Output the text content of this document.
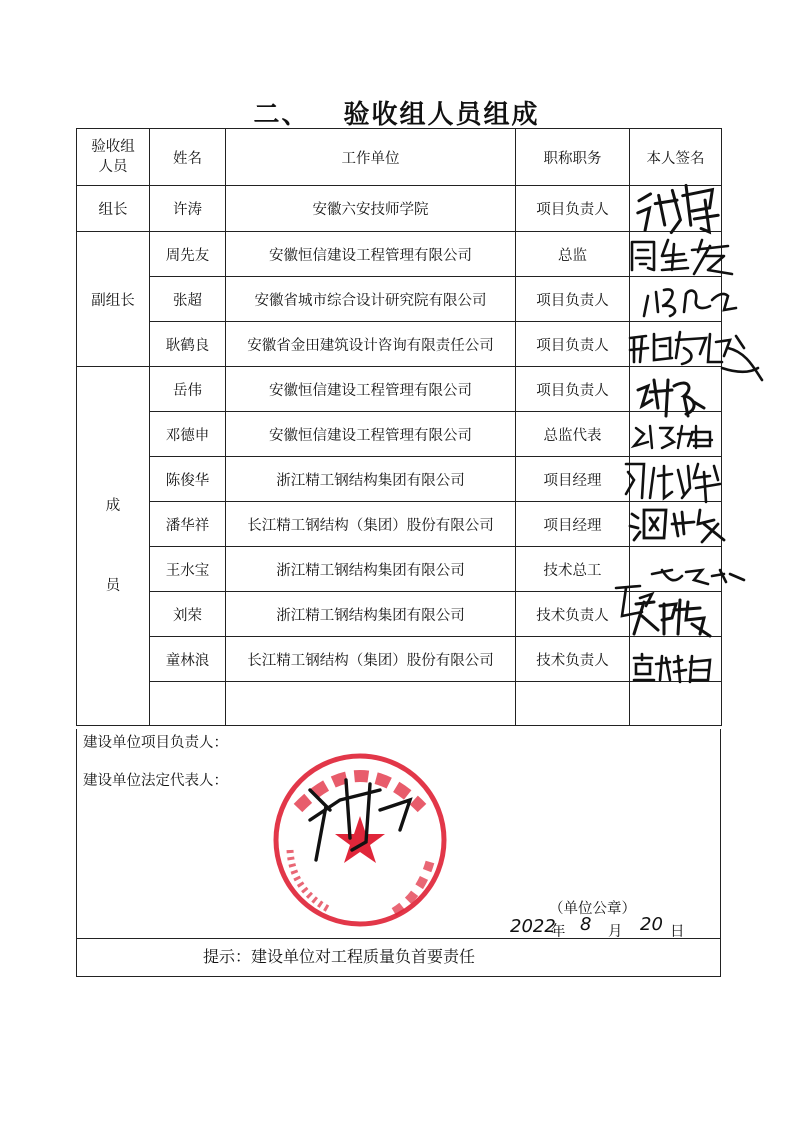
二、 验收组人员组成
验收组人员	姓名	工作单位	职称职务	本人签名
组长	许涛	安徽六安技师学院	项目负责人	
副组长	周先友	安徽恒信建设工程管理有限公司	总监	
	张超	安徽省城市综合设计研究院有限公司	项目负责人	
	耿鹤良	安徽省金田建筑设计咨询有限责任公司	项目负责人	

成
员	岳伟	安徽恒信建设工程管理有限公司	项目负责人	
	邓德申	安徽恒信建设工程管理有限公司	总监代表	
	陈俊华	浙江精工钢结构集团有限公司	项目经理	
	潘华祥	长江精工钢结构（集团）股份有限公司	项目经理	
	王水宝	浙江精工钢结构集团有限公司	技术总工	
	刘荣	浙江精工钢结构集团有限公司	技术负责人	
	童林浪	长江精工钢结构（集团）股份有限公司	技术负责人	

建设单位项目负责人：
建设单位法定代表人：
（单位公章）
2022
年 8 月 20 日
提示：建设单位对工程质量负首要责任
